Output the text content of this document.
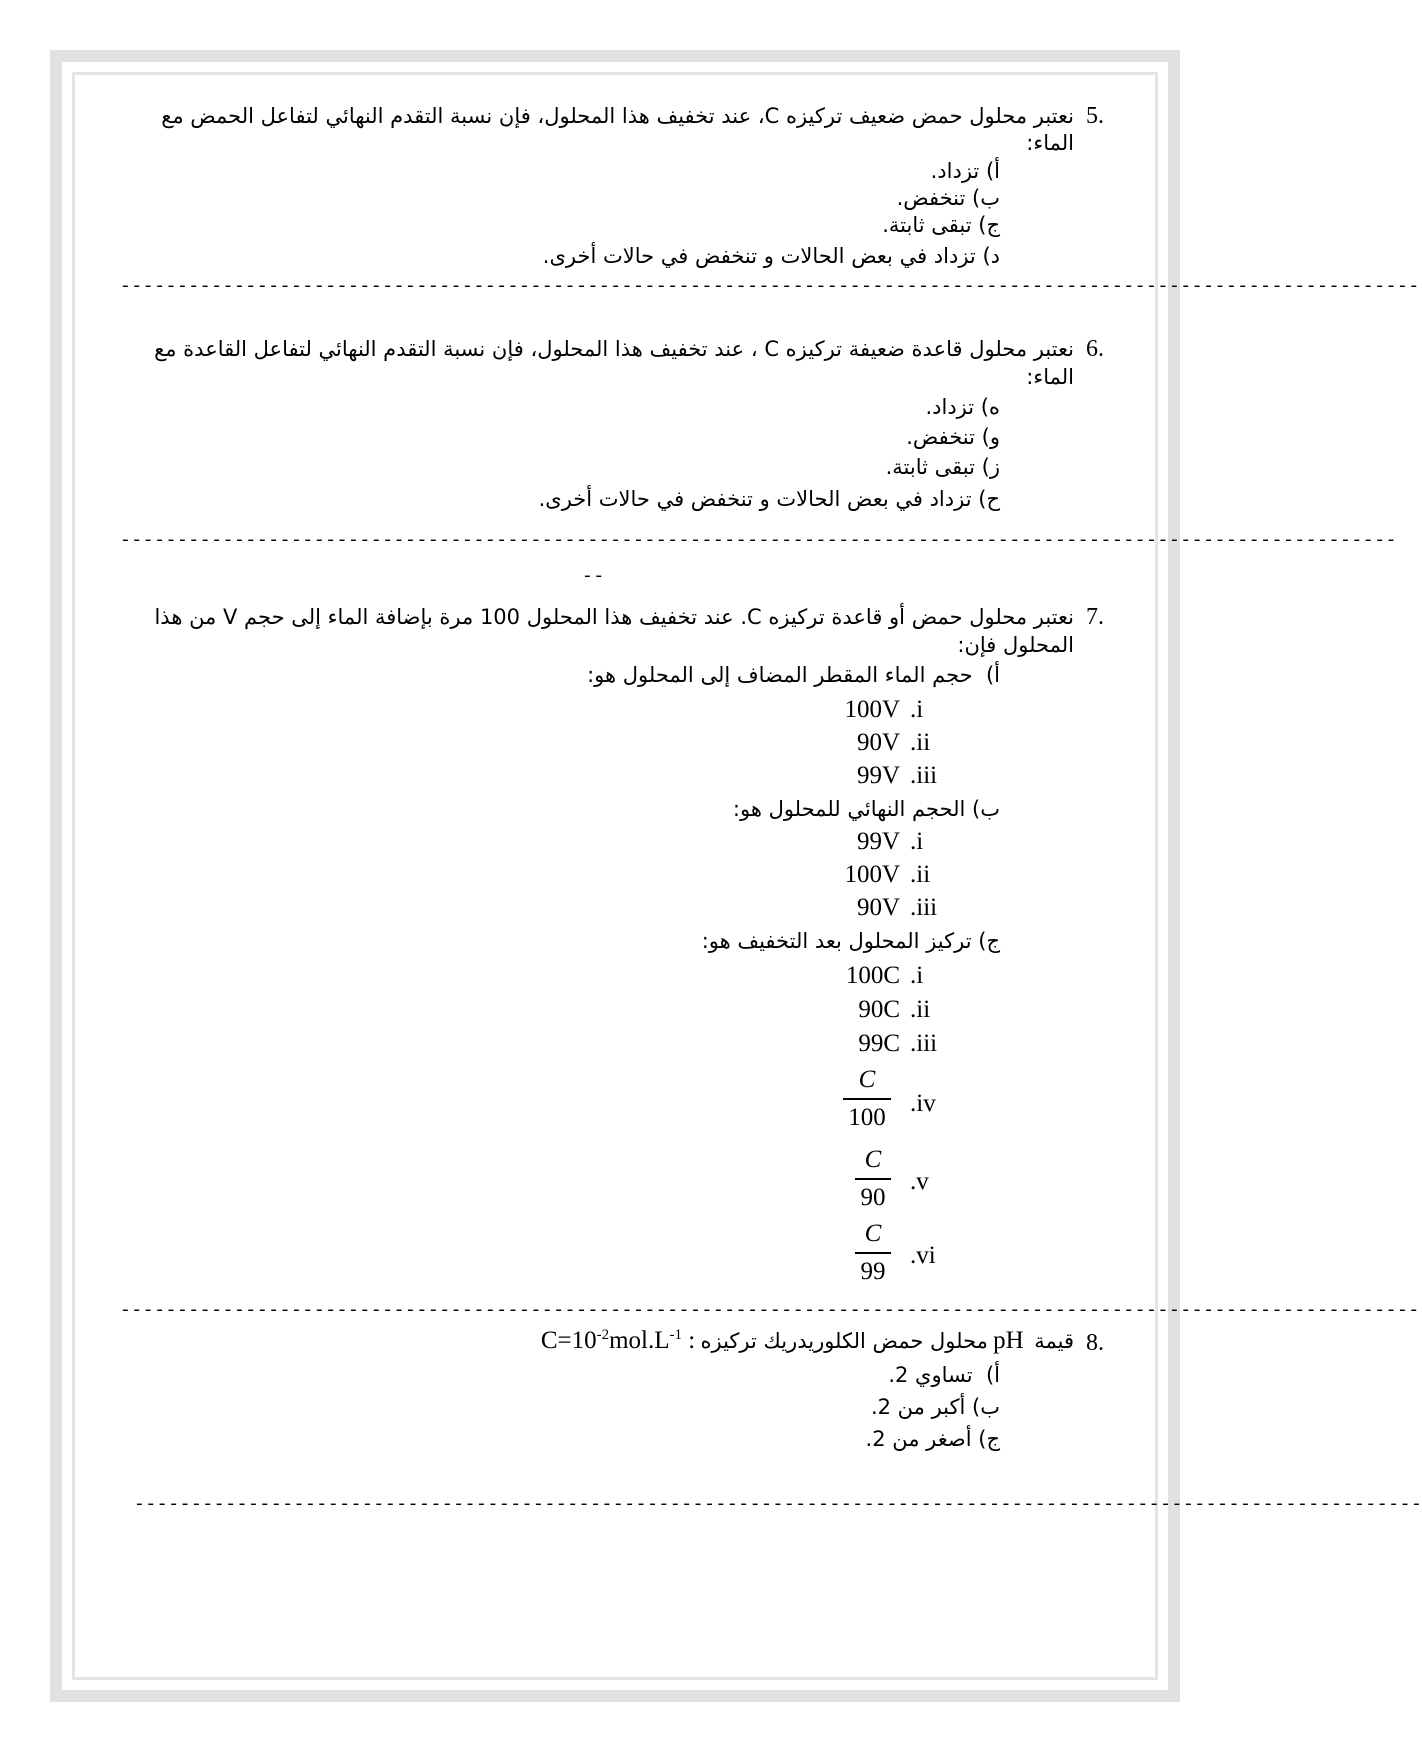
5.
نعتبر محلول حمض ضعيف تركيزه C، عند تخفيف هذا المحلول، فإن نسبة التقدم النهائي لتفاعل الحمض مع
الماء:
أ) تزداد.
ب) تنخفض.
ج) تبقى ثابتة.
د) تزداد في بعض الحالات و تنخفض في حالات أخرى.
------------------------------------------------------------------------------------------------------------------
6.
نعتبر محلول قاعدة ضعيفة تركيزه C ، عند تخفيف هذا المحلول، فإن نسبة التقدم النهائي لتفاعل القاعدة مع
الماء:
ه) تزداد.
و) تنخفض.
ز) تبقى ثابتة.
ح) تزداد في بعض الحالات و تنخفض في حالات أخرى.
----------------------------------------------------------------------------------------------------------------
--
7.
نعتبر محلول حمض أو قاعدة تركيزه C. عند تخفيف هذا المحلول 100 مرة بإضافة الماء إلى حجم V من هذا
المحلول فإن:
أ)  حجم الماء المقطر المضاف إلى المحلول هو:
100V .i
90V .ii
99V .iii
ب) الحجم النهائي للمحلول هو:
99V .i
100V .ii
90V .iii
ج) تركيز المحلول بعد التخفيف هو:
100C .i
90C .ii
99C .iii
C
100
.iv
C
90
.v
C
99
.vi
------------------------------------------------------------------------------------------------------------------
8.
قيمة  pH محلول حمض الكلوريدريك تركيزه $C=10^{-2}mol.L^{-1}$ :
أ)  تساوي 2.
ب) أكبر من 2.
ج) أصغر من 2.
-----------------------------------------------------------------------------------------------------------------
